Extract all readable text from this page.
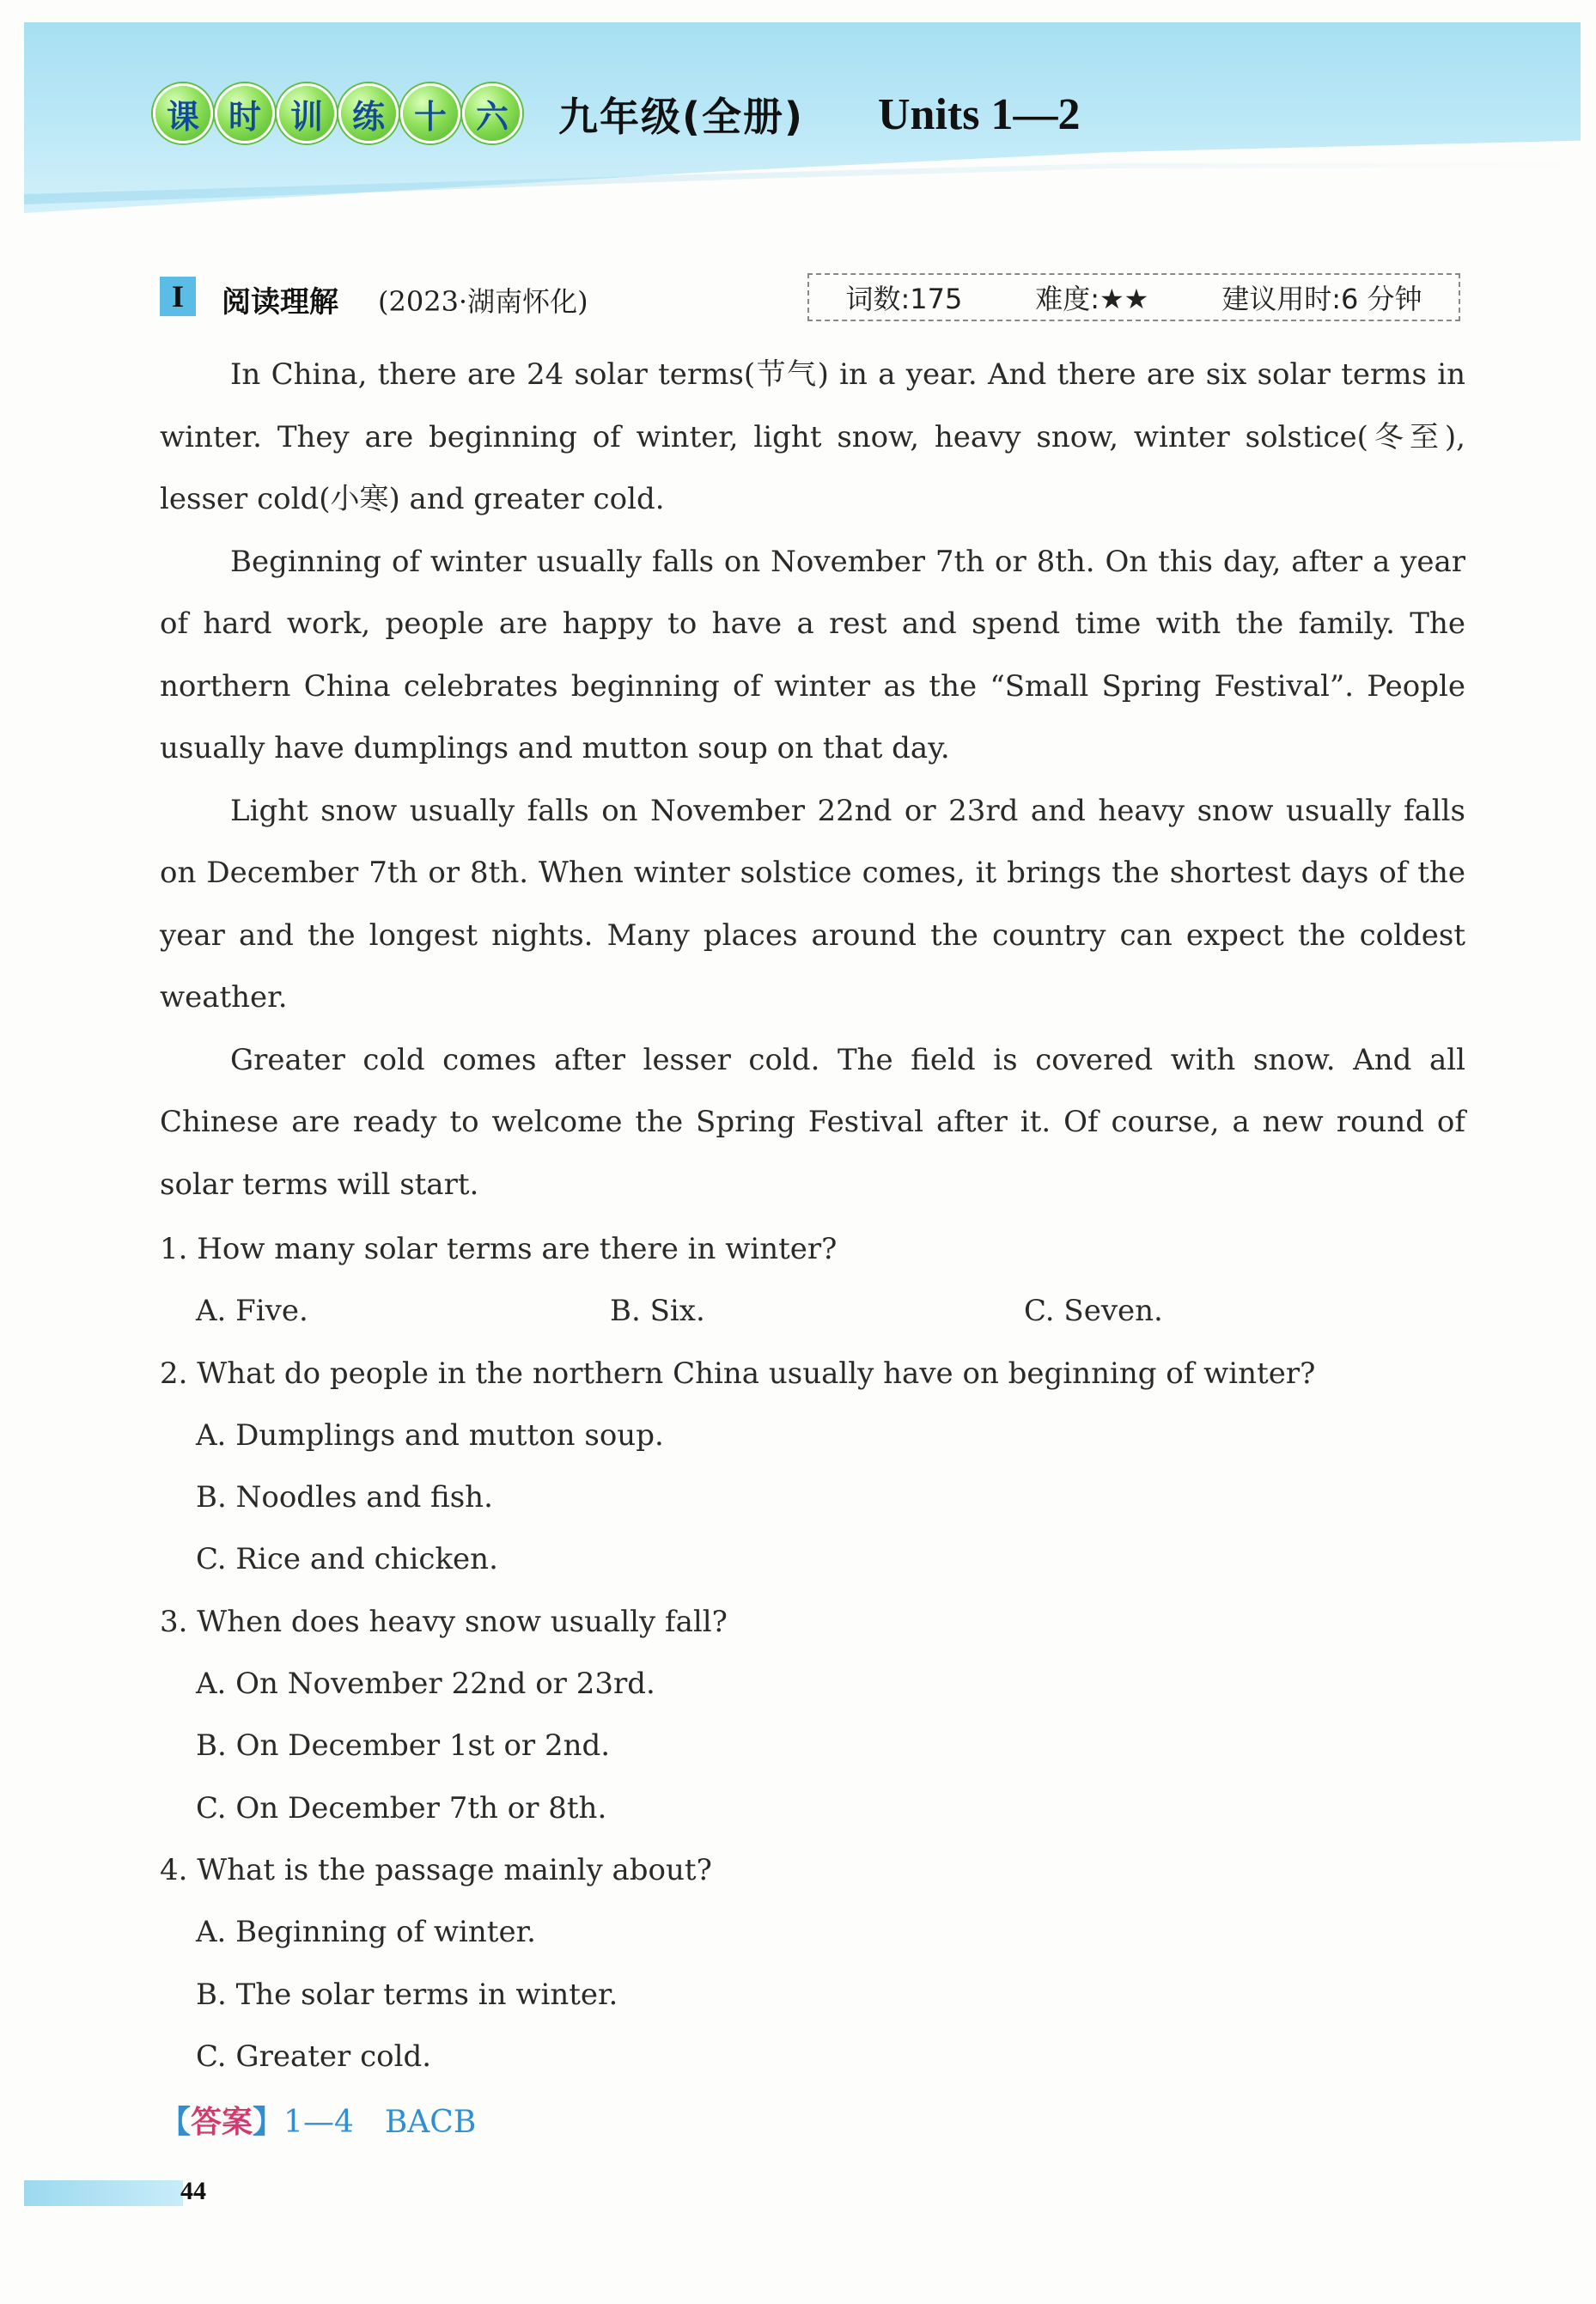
课 时 训 练 十 六	九年级(全册) Units 1—2
I	阅读理解 (2023·湖南怀化)	词数:175	难度:★★	建议用时:6 分钟

In China, there are 24 solar terms(节气) in a year. And there are six solar terms in winter. They are beginning of winter, light snow, heavy snow, winter solstice(冬至), lesser cold(小寒) and greater cold.

Beginning of winter usually falls on November 7th or 8th. On this day, after a year of hard work, people are happy to have a rest and spend time with the family. The northern China celebrates beginning of winter as the “Small Spring Festival”. People usually have dumplings and mutton soup on that day.

Light snow usually falls on November 22nd or 23rd and heavy snow usually falls on December 7th or 8th. When winter solstice comes, it brings the shortest days of the year and the longest nights. Many places around the country can expect the coldest weather.

Greater cold comes after lesser cold. The field is covered with snow. And all Chinese are ready to welcome the Spring Festival after it. Of course, a new round of solar terms will start.

1. How many solar terms are there in winter?
A. Five.	B. Six.	C. Seven.
2. What do people in the northern China usually have on beginning of winter?
A. Dumplings and mutton soup.
B. Noodles and fish.
C. Rice and chicken.
3. When does heavy snow usually fall?
A. On November 22nd or 23rd.
B. On December 1st or 2nd.
C. On December 7th or 8th.
4. What is the passage mainly about?
A. Beginning of winter.
B. The solar terms in winter.
C. Greater cold.
【答案】1—4　BACB
44
